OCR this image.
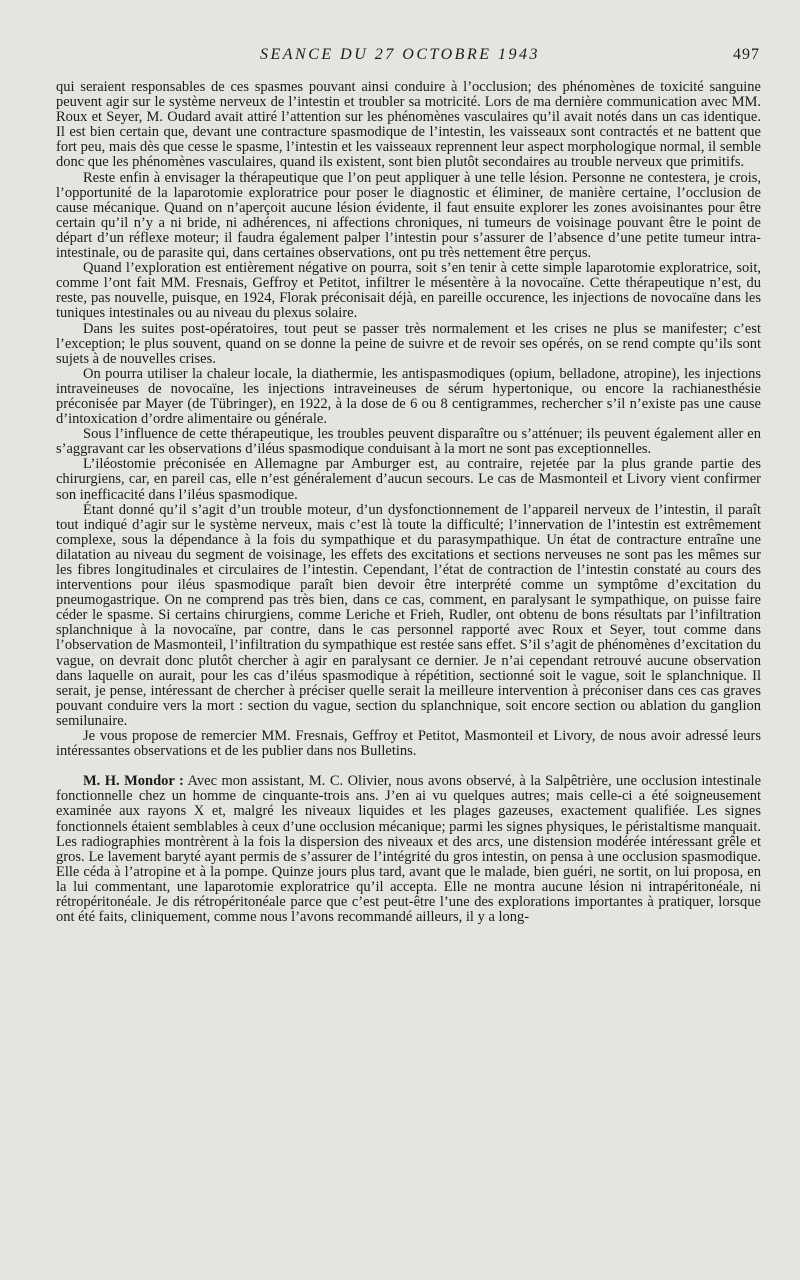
SEANCE DU 27 OCTOBRE 1943	497

qui seraient responsables de ces spasmes pouvant ainsi conduire à l’occlusion; des phénomènes de toxicité sanguine peuvent agir sur le système nerveux de l’intestin et troubler sa motricité. Lors de ma dernière communication avec MM. Roux et Seyer, M. Oudard avait attiré l’attention sur les phénomènes vasculaires qu’il avait notés dans un cas identique. Il est bien certain que, devant une contracture spasmodique de l’intestin, les vaisseaux sont contractés et ne battent que fort peu, mais dès que cesse le spasme, l’intestin et les vaisseaux reprennent leur aspect morphologique normal, il semble donc que les phénomènes vasculaires, quand ils existent, sont bien plutôt secondaires au trouble nerveux que primitifs.

Reste enfin à envisager la thérapeutique que l’on peut appliquer à une telle lésion. Personne ne contestera, je crois, l’opportunité de la laparotomie exploratrice pour poser le diagnostic et éliminer, de manière certaine, l’occlusion de cause mécanique. Quand on n’aperçoit aucune lésion évidente, il faut ensuite explorer les zones avoisinantes pour être certain qu’il n’y a ni bride, ni adhérences, ni affections chroniques, ni tumeurs de voisinage pouvant être le point de départ d’un réflexe moteur; il faudra également palper l’intestin pour s’assurer de l’absence d’une petite tumeur intra-intestinale, ou de parasite qui, dans certaines observations, ont pu très nettement être perçus.

Quand l’exploration est entièrement négative on pourra, soit s’en tenir à cette simple laparotomie exploratrice, soit, comme l’ont fait MM. Fresnais, Geffroy et Petitot, infiltrer le mésentère à la novocaïne. Cette thérapeutique n’est, du reste, pas nouvelle, puisque, en 1924, Florak préconisait déjà, en pareille occurence, les injections de novocaïne dans les tuniques intestinales ou au niveau du plexus solaire.

Dans les suites post-opératoires, tout peut se passer très normalement et les crises ne plus se manifester; c’est l’exception; le plus souvent, quand on se donne la peine de suivre et de revoir ses opérés, on se rend compte qu’ils sont sujets à de nouvelles crises.

On pourra utiliser la chaleur locale, la diathermie, les antispasmodiques (opium, belladone, atropine), les injections intraveineuses de novocaïne, les injections intraveineuses de sérum hypertonique, ou encore la rachianesthésie préconisée par Mayer (de Tübringer), en 1922, à la dose de 6 ou 8 centigrammes, rechercher s’il n’existe pas une cause d’intoxication d’ordre alimentaire ou générale.

Sous l’influence de cette thérapeutique, les troubles peuvent disparaître ou s’atténuer; ils peuvent également aller en s’aggravant car les observations d’iléus spasmodique conduisant à la mort ne sont pas exceptionnelles.

L’iléostomie préconisée en Allemagne par Amburger est, au contraire, rejetée par la plus grande partie des chirurgiens, car, en pareil cas, elle n’est généralement d’aucun secours. Le cas de Masmonteil et Livory vient confirmer son inefficacité dans l’iléus spasmodique.

Étant donné qu’il s’agit d’un trouble moteur, d’un dysfonctionnement de l’appareil nerveux de l’intestin, il paraît tout indiqué d’agir sur le système nerveux, mais c’est là toute la difficulté; l’innervation de l’intestin est extrêmement complexe, sous la dépendance à la fois du sympathique et du parasympathique. Un état de contracture entraîne une dilatation au niveau du segment de voisinage, les effets des excitations et sections nerveuses ne sont pas les mêmes sur les fibres longitudinales et circulaires de l’intestin. Cependant, l’état de contraction de l’intestin constaté au cours des interventions pour iléus spasmodique paraît bien devoir être interprété comme un symptôme d’excitation du pneumogastrique. On ne comprend pas très bien, dans ce cas, comment, en paralysant le sympathique, on puisse faire céder le spasme. Si certains chirurgiens, comme Leriche et Frieh, Rudler, ont obtenu de bons résultats par l’infiltration splanchnique à la novocaïne, par contre, dans le cas personnel rapporté avec Roux et Seyer, tout comme dans l’observation de Masmonteil, l’infiltration du sympathique est restée sans effet. S’il s’agit de phénomènes d’excitation du vague, on devrait donc plutôt chercher à agir en paralysant ce dernier. Je n’ai cependant retrouvé aucune observation dans laquelle on aurait, pour les cas d’iléus spasmodique à répétition, sectionné soit le vague, soit le splanchnique. Il serait, je pense, intéressant de chercher à préciser quelle serait la meilleure intervention à préconiser dans ces cas graves pouvant conduire vers la mort : section du vague, section du splanchnique, soit encore section ou ablation du ganglion semilunaire.

Je vous propose de remercier MM. Fresnais, Geffroy et Petitot, Masmonteil et Livory, de nous avoir adressé leurs intéressantes observations et de les publier dans nos Bulletins.

M. H. Mondor : Avec mon assistant, M. C. Olivier, nous avons observé, à la Salpêtrière, une occlusion intestinale fonctionnelle chez un homme de cinquante-trois ans. J’en ai vu quelques autres; mais celle-ci a été soigneusement examinée aux rayons X et, malgré les niveaux liquides et les plages gazeuses, exactement qualifiée. Les signes fonctionnels étaient semblables à ceux d’une occlusion mécanique; parmi les signes physiques, le péristaltisme manquait. Les radiographies montrèrent à la fois la dispersion des niveaux et des arcs, une distension modérée intéressant grêle et gros. Le lavement baryté ayant permis de s’assurer de l’intégrité du gros intestin, on pensa à une occlusion spasmodique. Elle céda à l’atropine et à la pompe. Quinze jours plus tard, avant que le malade, bien guéri, ne sortit, on lui proposa, en la lui commentant, une laparotomie exploratrice qu’il accepta. Elle ne montra aucune lésion ni intrapéritonéale, ni rétropéritonéale. Je dis rétropéritonéale parce que c’est peut-être l’une des explorations importantes à pratiquer, lorsque ont été faits, cliniquement, comme nous l’avons recommandé ailleurs, il y a long-
